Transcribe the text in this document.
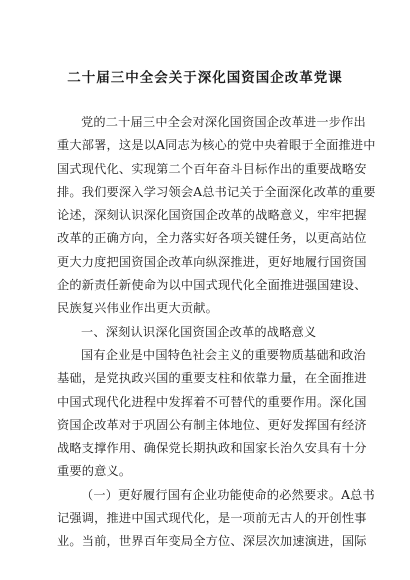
二十届三中全会关于深化国资国企改革党课
党的二十届三中全会对深化国资国企改革进一步作出
重大部署，这是以A同志为核心的党中央着眼于全面推进中
国式现代化、实现第二个百年奋斗目标作出的重要战略安
排。我们要深入学习领会A总书记关于全面深化改革的重要
论述，深刻认识深化国资国企改革的战略意义，牢牢把握
改革的正确方向，全力落实好各项关键任务，以更高站位
更大力度把国资国企改革向纵深推进，更好地履行国资国
企的新责任新使命为以中国式现代化全面推进强国建设、
民族复兴伟业作出更大贡献。
一、深刻认识深化国资国企改革的战略意义
国有企业是中国特色社会主义的重要物质基础和政治
基础，是党执政兴国的重要支柱和依靠力量，在全面推进
中国式现代化进程中发挥着不可替代的重要作用。深化国
资国企改革对于巩固公有制主体地位、更好发挥国有经济
战略支撑作用、确保党长期执政和国家长治久安具有十分
重要的意义。
（一）更好履行国有企业功能使命的必然要求。A总书
记强调，推进中国式现代化，是一项前无古人的开创性事
业。当前，世界百年变局全方位、深层次加速演进，国际
